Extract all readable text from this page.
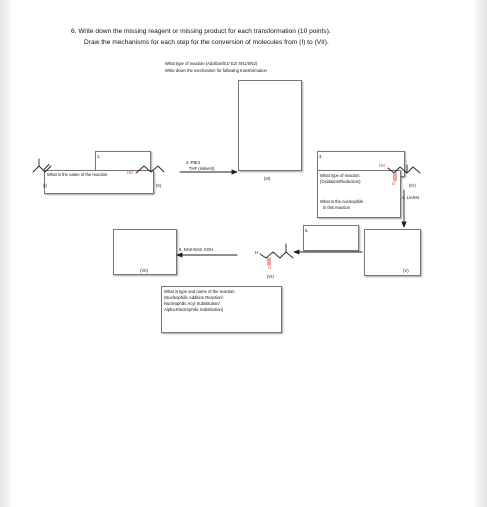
6. Write down the missing reagent or missing product for each transformation (10 points).
Draw the mechanisms for each step for the conversion of molecules from (I) to (VII).
What type of reaction (Addition/E1/ E2/ SN1/SN2)
Write down the mechanism for following transformation
1.
2. PBr3
THF (solvent)
3.
4. LiAlH4
5.
6. NH2-NH2, KOH
(I)	(II)
(III)
(IV)
(V)
(VI)
(VII)
What is the name of the reaction	What type of reaction
(Oxidation/Reduction)
What is the nucleophile
in this reaction
What is type and name of the reaction
(Nucleophilic Addition Reaction/
Nucleophilic Acyl Substitution/
Alpha-Electrophilic Substitution)
HO
HO
O
H
O
